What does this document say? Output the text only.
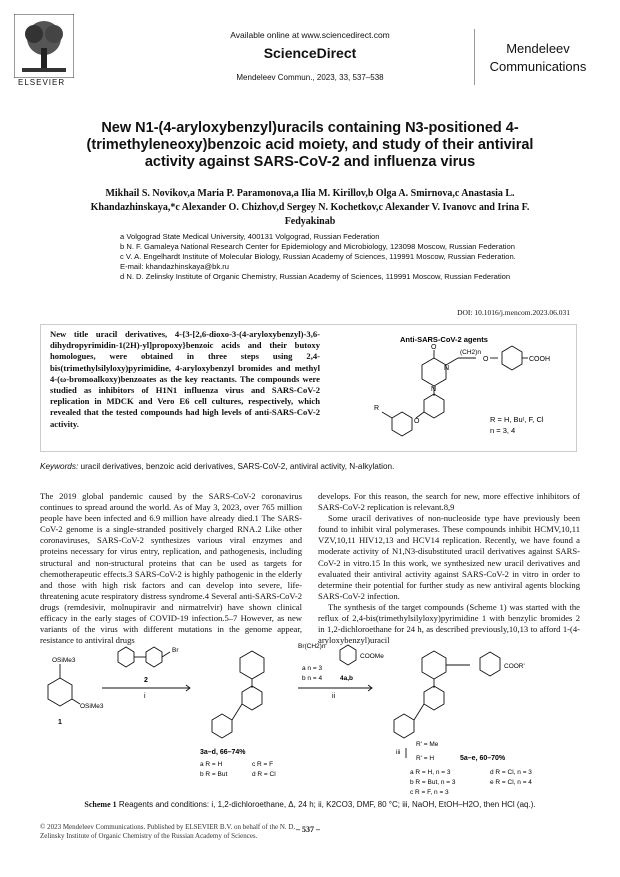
ELSEVIER
Available online at www.sciencedirect.com
ScienceDirect
Mendeleev Commun., 2023, 33, 537–538
Mendeleev
Communications
New N1-(4-aryloxybenzyl)uracils containing N3-positioned 4-(trimethyleneoxy)benzoic acid moiety, and study of their antiviral activity against SARS-CoV-2 and influenza virus
Mikhail S. Novikov,a Maria P. Paramonova,a Ilia M. Kirillov,b Olga A. Smirnova,c Anastasia L. Khandazhinskaya,*c Alexander O. Chizhov,d Sergey N. Kochetkov,c Alexander V. Ivanovc and Irina F. Fedyakinab

a Volgograd State Medical University, 400131 Volgograd, Russian Federation

b N. F. Gamaleya National Research Center for Epidemiology and Microbiology, 123098 Moscow, Russian Federation

c V. A. Engelhardt Institute of Molecular Biology, Russian Academy of Sciences, 119991 Moscow, Russian Federation. E-mail: khandazhinskaya@bk.ru

d N. D. Zelinsky Institute of Organic Chemistry, Russian Academy of Sciences, 119991 Moscow, Russian Federation

DOI: 10.1016/j.mencom.2023.06.031
New title uracil derivatives, 4-{3-[2,6-dioxo-3-(4-aryloxybenzyl)-3,6-dihydropyrimidin-1(2H)-yl]propoxy}benzoic acids and their butoxy homologues, were obtained in three steps using 2,4-bis(trimethylsilyloxy)pyrimidine, 4-aryloxybenzyl bromides and methyl 4-(ω-bromoalkoxy)benzoates as the key reactants. The compounds were studied as inhibitors of H1N1 influenza virus and SARS-CoV-2 replication in MDCK and Vero E6 cell cultures, respectively, which revealed that the tested compounds had high levels of anti-SARS-CoV-2 activity.
Anti-SARS-CoV-2 agents
O
N
N
(CH2)n
O	COOH
O
R
R = H, Buᵗ, F, Cl
n = 3, 4
Keywords: uracil derivatives, benzoic acid derivatives, SARS-CoV-2, antiviral activity, N-alkylation.
The 2019 global pandemic caused by the SARS-CoV-2 coronavirus continues to spread around the world. As of May 3, 2023, over 765 million people have been infected and 6.9 million have already died.1 The SARS-CoV-2 genome is a single-stranded positively charged RNA.2 Like other coronaviruses, SARS-CoV-2 synthesizes various viral enzymes and proteins necessary for virus entry, replication, and pathogenesis, including structural and non-structural proteins that can be used as targets for chemotherapeutic effects.3 SARS-CoV-2 is highly pathogenic in the elderly and those with high risk factors and can develop into severe, life-threatening acute respiratory distress syndrome.4 Several anti-SARS-CoV-2 drugs (remdesivir, molnupiravir and nirmatrelvir) have shown clinical efficacy in the early stages of COVID-19 infection.5–7 However, as new variants of the virus with different mutations in the genome appear, resistance to antiviral drugs

develops. For this reason, the search for new, more effective inhibitors of SARS-CoV-2 replication is relevant.8,9

Some uracil derivatives of non-nucleoside type have previously been found to inhibit viral polymerases. These compounds inhibit HCMV,10,11 VZV,10,11 HIV12,13 and HCV14 replication. Recently, we have found a moderate activity of N1,N3-disubstituted uracil derivatives against SARS-CoV-2 in vitro.15 In this work, we synthesized new uracil derivatives and evaluated their antiviral activity against SARS-CoV-2 in vitro in order to determine their potential for further study as new antiviral agents blocking SARS-CoV-2 infection.

The synthesis of the target compounds (Scheme 1) was started with the reflux of 2,4-bis(trimethylsilyloxy)pyrimidine 1 with benzylic bromides 2 in 1,2-dichloroethane for 24 h, as described previously,10,13 to afford 1-(4-aryloxybenzyl)uracil

OSiMe3
OSiMe3
1
Br
2
i
Br(CH2)n
COOMe
a n = 3
b n = 4	4a,b
ii
3a–d, 66–74%
a R = H
b R = But
c R = F
d R = Cl
COOR'
iii
R' = Me
R' = H	5a–e, 60–70%
a R = H, n = 3
b R = But, n = 3
c R = F, n = 3
d R = Cl, n = 3
e R = Cl, n = 4
Scheme 1 Reagents and conditions: i, 1,2-dichloroethane, Δ, 24 h; ii, K2CO3, DMF, 80 °C; iii, NaOH, EtOH–H2O, then HCl (aq.).
© 2023 Mendeleev Communications. Published by ELSEVIER B.V. on behalf of the N. D. Zelinsky Institute of Organic Chemistry of the Russian Academy of Sciences.
– 537 –
